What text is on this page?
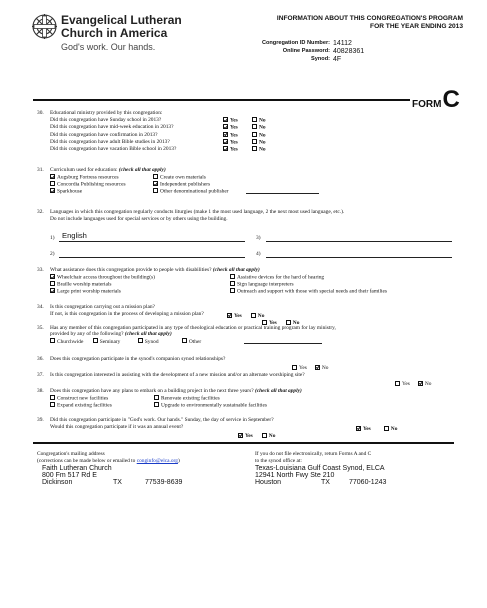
Evangelical Lutheran
Church in America
God's work. Our hands.
INFORMATION ABOUT THIS CONGREGATION'S PROGRAM
FOR THE YEAR ENDING 2013
Congregation ID Number: 14112
Online Password: 40828361
Synod: 4F
FORMC
30. Educational ministry provided by this congregation:
Did this congregation have Sunday school in 2013?	Yes	No
Did this congregation have mid-week education in 2013?	Yes	No
Did this congregation have confirmation in 2013?	Yes	No
Did this congregation have adult Bible studies in 2013?	Yes	No
Did this congregation have vacation Bible school in 2013?	Yes	No
31. Curriculum used for education: (check all that apply)
Augsburg Fortress resources	Create own materials
Concordia Publishing resources	Independent publishers
Sparkhouse	Other denominational publisher
32. Languages in which this congregation regularly conducts liturgies (make 1 the most used language, 2 the next most used language, etc.).
Do not include languages used for special services or by others using the building.
1) English	3)
2)	4)
33. What assistance does this congregation provide to people with disabilities? (check all that apply)
Wheelchair access throughout the building(s)	Assistive devices for the hard of hearing
Braille worship materials	Sign language interpreters
Large print worship materials	Outreach and support with those with special needs and their families
34. Is this congregation carrying out a mission plan?
Yes	No
If not, is this congregation in the process of developing a mission plan?
Yes	No
35. Has any member of this congregation participated in any type of theological education or practical training program for lay ministry,
provided by any of the following? (check all that apply)
Churchwide	Seminary	Synod	Other
36. Does this congregation participate in the synod's companion synod relationships?
Yes	No
37. Is this congregation interested in assisting with the development of a new mission and/or an alternate worshiping site?
Yes	No
38. Does this congregation have any plans to embark on a building project in the next three years? (check all that apply)
Construct new facilities	Renovate existing facilities
Expand existing facilities	Upgrade to environmentally sustainable facilities
39. Did this congregation participate in "God's work. Our hands." Sunday, the day of service in September?
Yes	No
Would this congregation participate if it was an annual event?
Yes	No
Congregation's mailing address
(corrections can be made below or emailed to conginfo@elca.org)
Faith Lutheran Church
800 Fm 517 Rd E
Dickinson	TX	77539-8639
If you do not file electronically, return Forms A and C
to the synod office at:
Texas-Louisiana Gulf Coast Synod, ELCA
12941 North Fwy Ste 210
Houston	TX	77060-1243
